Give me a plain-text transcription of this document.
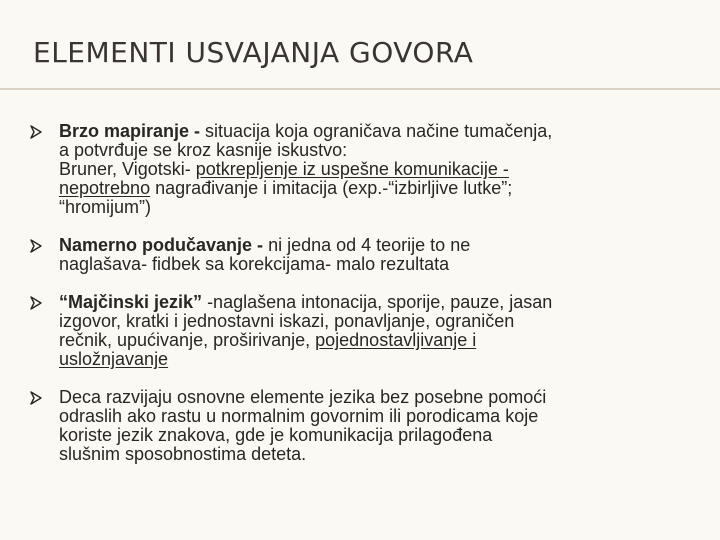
ELEMENTI USVAJANJA GOVORA
Brzo mapiranje - situacija koja ograničava načine tumačenja,
a potvrđuje se kroz kasnije iskustvo:
Bruner, Vigotski- potkrepljenje iz uspešne komunikacije -
nepotrebno nagrađivanje i imitacija (exp.-“izbirljive lutke”;
“hromijum”)
Namerno podučavanje - ni jedna od 4 teorije to ne
naglašava- fidbek sa korekcijama- malo rezultata
“Majčinski jezik” -naglašena intonacija, sporije, pauze, jasan
izgovor, kratki i jednostavni iskazi, ponavljanje, ograničen
rečnik, upućivanje, proširivanje, pojednostavljivanje i
usložnjavanje
Deca razvijaju osnovne elemente jezika bez posebne pomoći
odraslih ako rastu u normalnim govornim ili porodicama koje
koriste jezik znakova, gde je komunikacija prilagođena
slušnim sposobnostima deteta.
